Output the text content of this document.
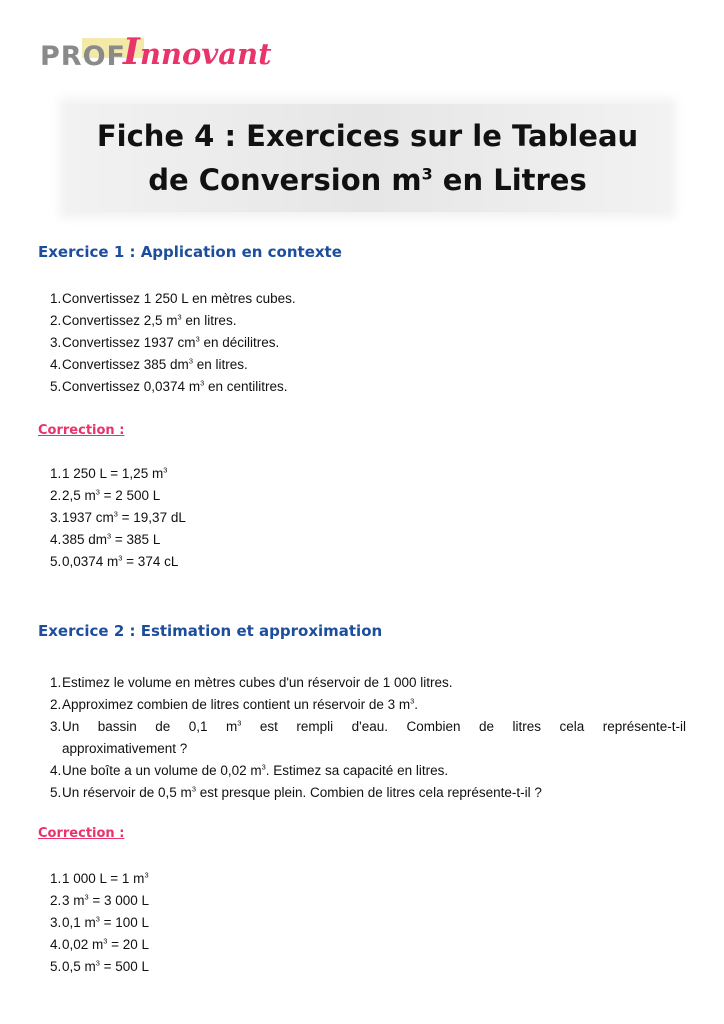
PROF
Innovant
Fiche 4 : Exercices sur le Tableau
de Conversion $m^3$ en Litres
Exercice 1 : Application en contexte
1. Convertissez 1 250 L en mètres cubes.
2. Convertissez 2,5 $m^3$ en litres.
3. Convertissez 1937 $cm^3$ en décilitres.
4. Convertissez 385 $dm^3$ en litres.
5. Convertissez 0,0374 $m^3$ en centilitres.
Correction :
1. 1 250 L = 1,25 $m^3$
2. 2,5 $m^3 = 2$ 500 L
3. 1937 $cm^3 = 19,37$ dL
4. 385 $dm^3 = 385$ L
5. 0,0374 $m^3 = 374$ cL
Exercice 2 : Estimation et approximation
1. Estimez le volume en mètres cubes d'un réservoir de 1 000 litres.
2. Approximez combien de litres contient un réservoir de 3 $m^3$.
3. Un bassin de 0,1 $m^3$ est rempli d'eau. Combien de litres cela représente-t-il
approximativement ?
4. Une boîte a un volume de 0,02 $m^3$. Estimez sa capacité en litres.
5. Un réservoir de 0,5 $m^3$ est presque plein. Combien de litres cela représente-t-il ?
Correction :
1. 1 000 L = 1 $m^3$
2. 3 $m^3 = 3$ 000 L
3. 0,1 $m^3 = 100$ L
4. 0,02 $m^3 = 20$ L
5. 0,5 $m^3 = 500$ L
